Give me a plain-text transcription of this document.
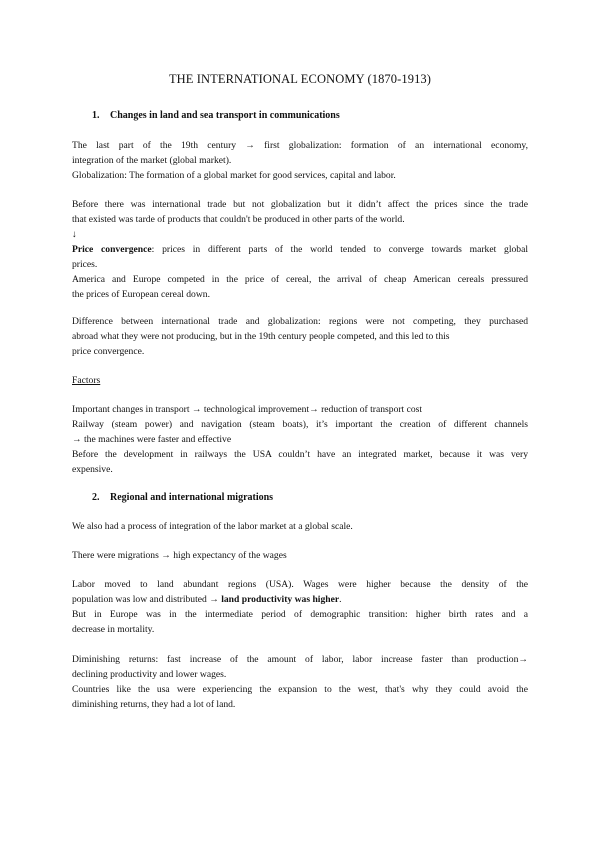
THE INTERNATIONAL ECONOMY (1870-1913)
1. Changes in land and sea transport in communications
The last part of the 19th century → first globalization: formation of an international economy,
integration of the market (global market).
Globalization: The formation of a global market for good services, capital and labor.
Before there was international trade but not globalization but it didn’t affect the prices since the trade
that existed was tarde of products that couldn't be produced in other parts of the world.
↓
Price convergence: prices in different parts of the world tended to converge towards market global
prices.
America and Europe competed in the price of cereal, the arrival of cheap American cereals pressured
the prices of European cereal down.
Difference between international trade and globalization: regions were not competing, they purchased
abroad what they were not producing, but in the 19th century people competed, and this led to this
price convergence.
Factors
Important changes in transport → technological improvement→ reduction of transport cost
Railway (steam power) and navigation (steam boats), it’s important the creation of different channels
→ the machines were faster and effective
Before the development in railways the USA couldn’t have an integrated market, because it was very
expensive.
2. Regional and international migrations
We also had a process of integration of the labor market at a global scale.
There were migrations → high expectancy of the wages
Labor moved to land abundant regions (USA). Wages were higher because the density of the
population was low and distributed → land productivity was higher.
But in Europe was in the intermediate period of demographic transition: higher birth rates and a
decrease in mortality.
Diminishing returns: fast increase of the amount of labor, labor increase faster than production→
declining productivity and lower wages.
Countries like the usa were experiencing the expansion to the west, that's why they could avoid the
diminishing returns, they had a lot of land.
